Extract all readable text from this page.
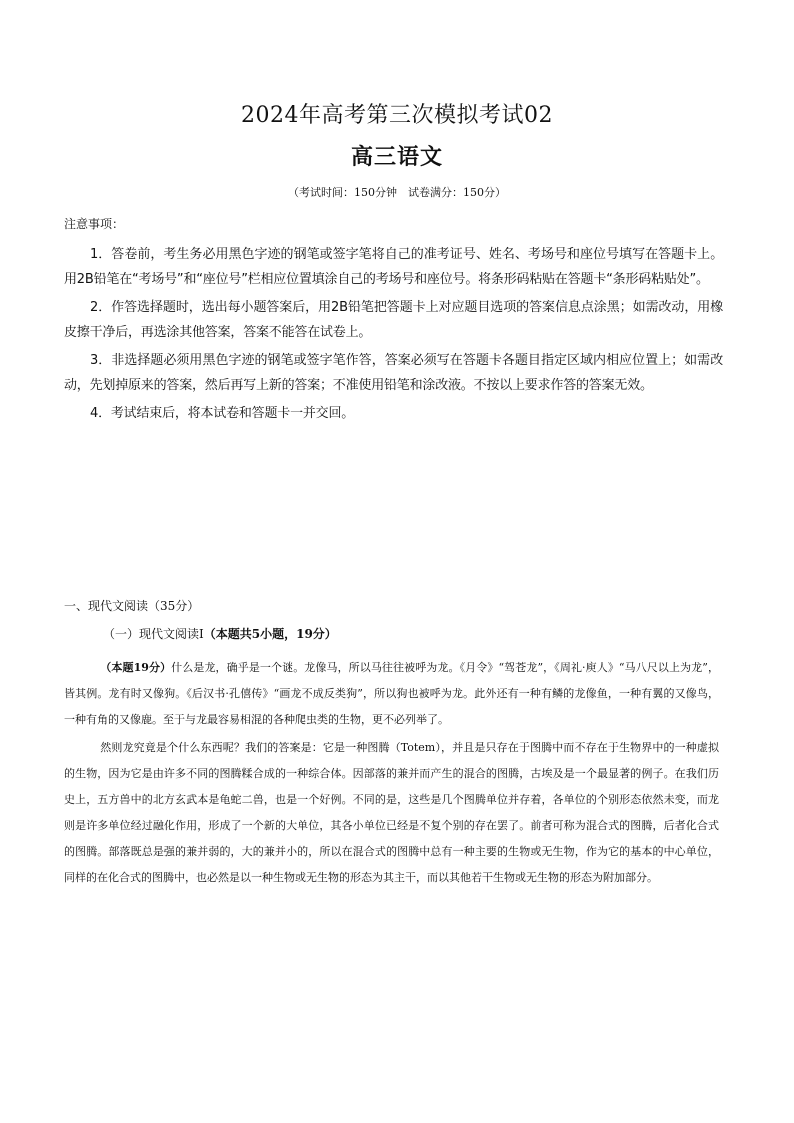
2024年高考第三次模拟考试02
高三语文
（考试时间：150分钟　试卷满分：150分）
注意事项：

1．答卷前，考生务必用黑色字迹的钢笔或签字笔将自己的准考证号、姓名、考场号和座位号填写在答题卡上。用2B铅笔在“考场号”和“座位号”栏相应位置填涂自己的考场号和座位号。将条形码粘贴在答题卡“条形码粘贴处”。

2．作答选择题时，选出每小题答案后，用2B铅笔把答题卡上对应题目选项的答案信息点涂黑；如需改动，用橡皮擦干净后，再选涂其他答案，答案不能答在试卷上。

3．非选择题必须用黑色字迹的钢笔或签字笔作答，答案必须写在答题卡各题目指定区域内相应位置上；如需改动，先划掉原来的答案，然后再写上新的答案；不准使用铅笔和涂改液。不按以上要求作答的答案无效。

4．考试结束后，将本试卷和答题卡一并交回。

一、现代文阅读（35分）
（一）现代文阅读Ⅰ（本题共5小题，19分）

（本题19分）什么是龙，确乎是一个谜。龙像马，所以马往往被呼为龙。《月令》“驾苍龙”，《周礼·庾人》“马八尺以上为龙”，皆其例。龙有时又像狗。《后汉书·孔僖传》“画龙不成反类狗”，所以狗也被呼为龙。此外还有一种有鳞的龙像鱼，一种有翼的又像鸟，一种有角的又像鹿。至于与龙最容易相混的各种爬虫类的生物，更不必列举了。

然则龙究竟是个什么东西呢？我们的答案是：它是一种图腾（Totem），并且是只存在于图腾中而不存在于生物界中的一种虚拟的生物，因为它是由许多不同的图腾糅合成的一种综合体。因部落的兼并而产生的混合的图腾，古埃及是一个最显著的例子。在我们历史上，五方兽中的北方玄武本是龟蛇二兽，也是一个好例。不同的是，这些是几个图腾单位并存着，各单位的个别形态依然未变，而龙则是许多单位经过融化作用，形成了一个新的大单位，其各小单位已经是不复个别的存在罢了。前者可称为混合式的图腾，后者化合式的图腾。部落既总是强的兼并弱的，大的兼并小的，所以在混合式的图腾中总有一种主要的生物或无生物，作为它的基本的中心单位，同样的在化合式的图腾中，也必然是以一种生物或无生物的形态为其主干，而以其他若干生物或无生物的形态为附加部分。
